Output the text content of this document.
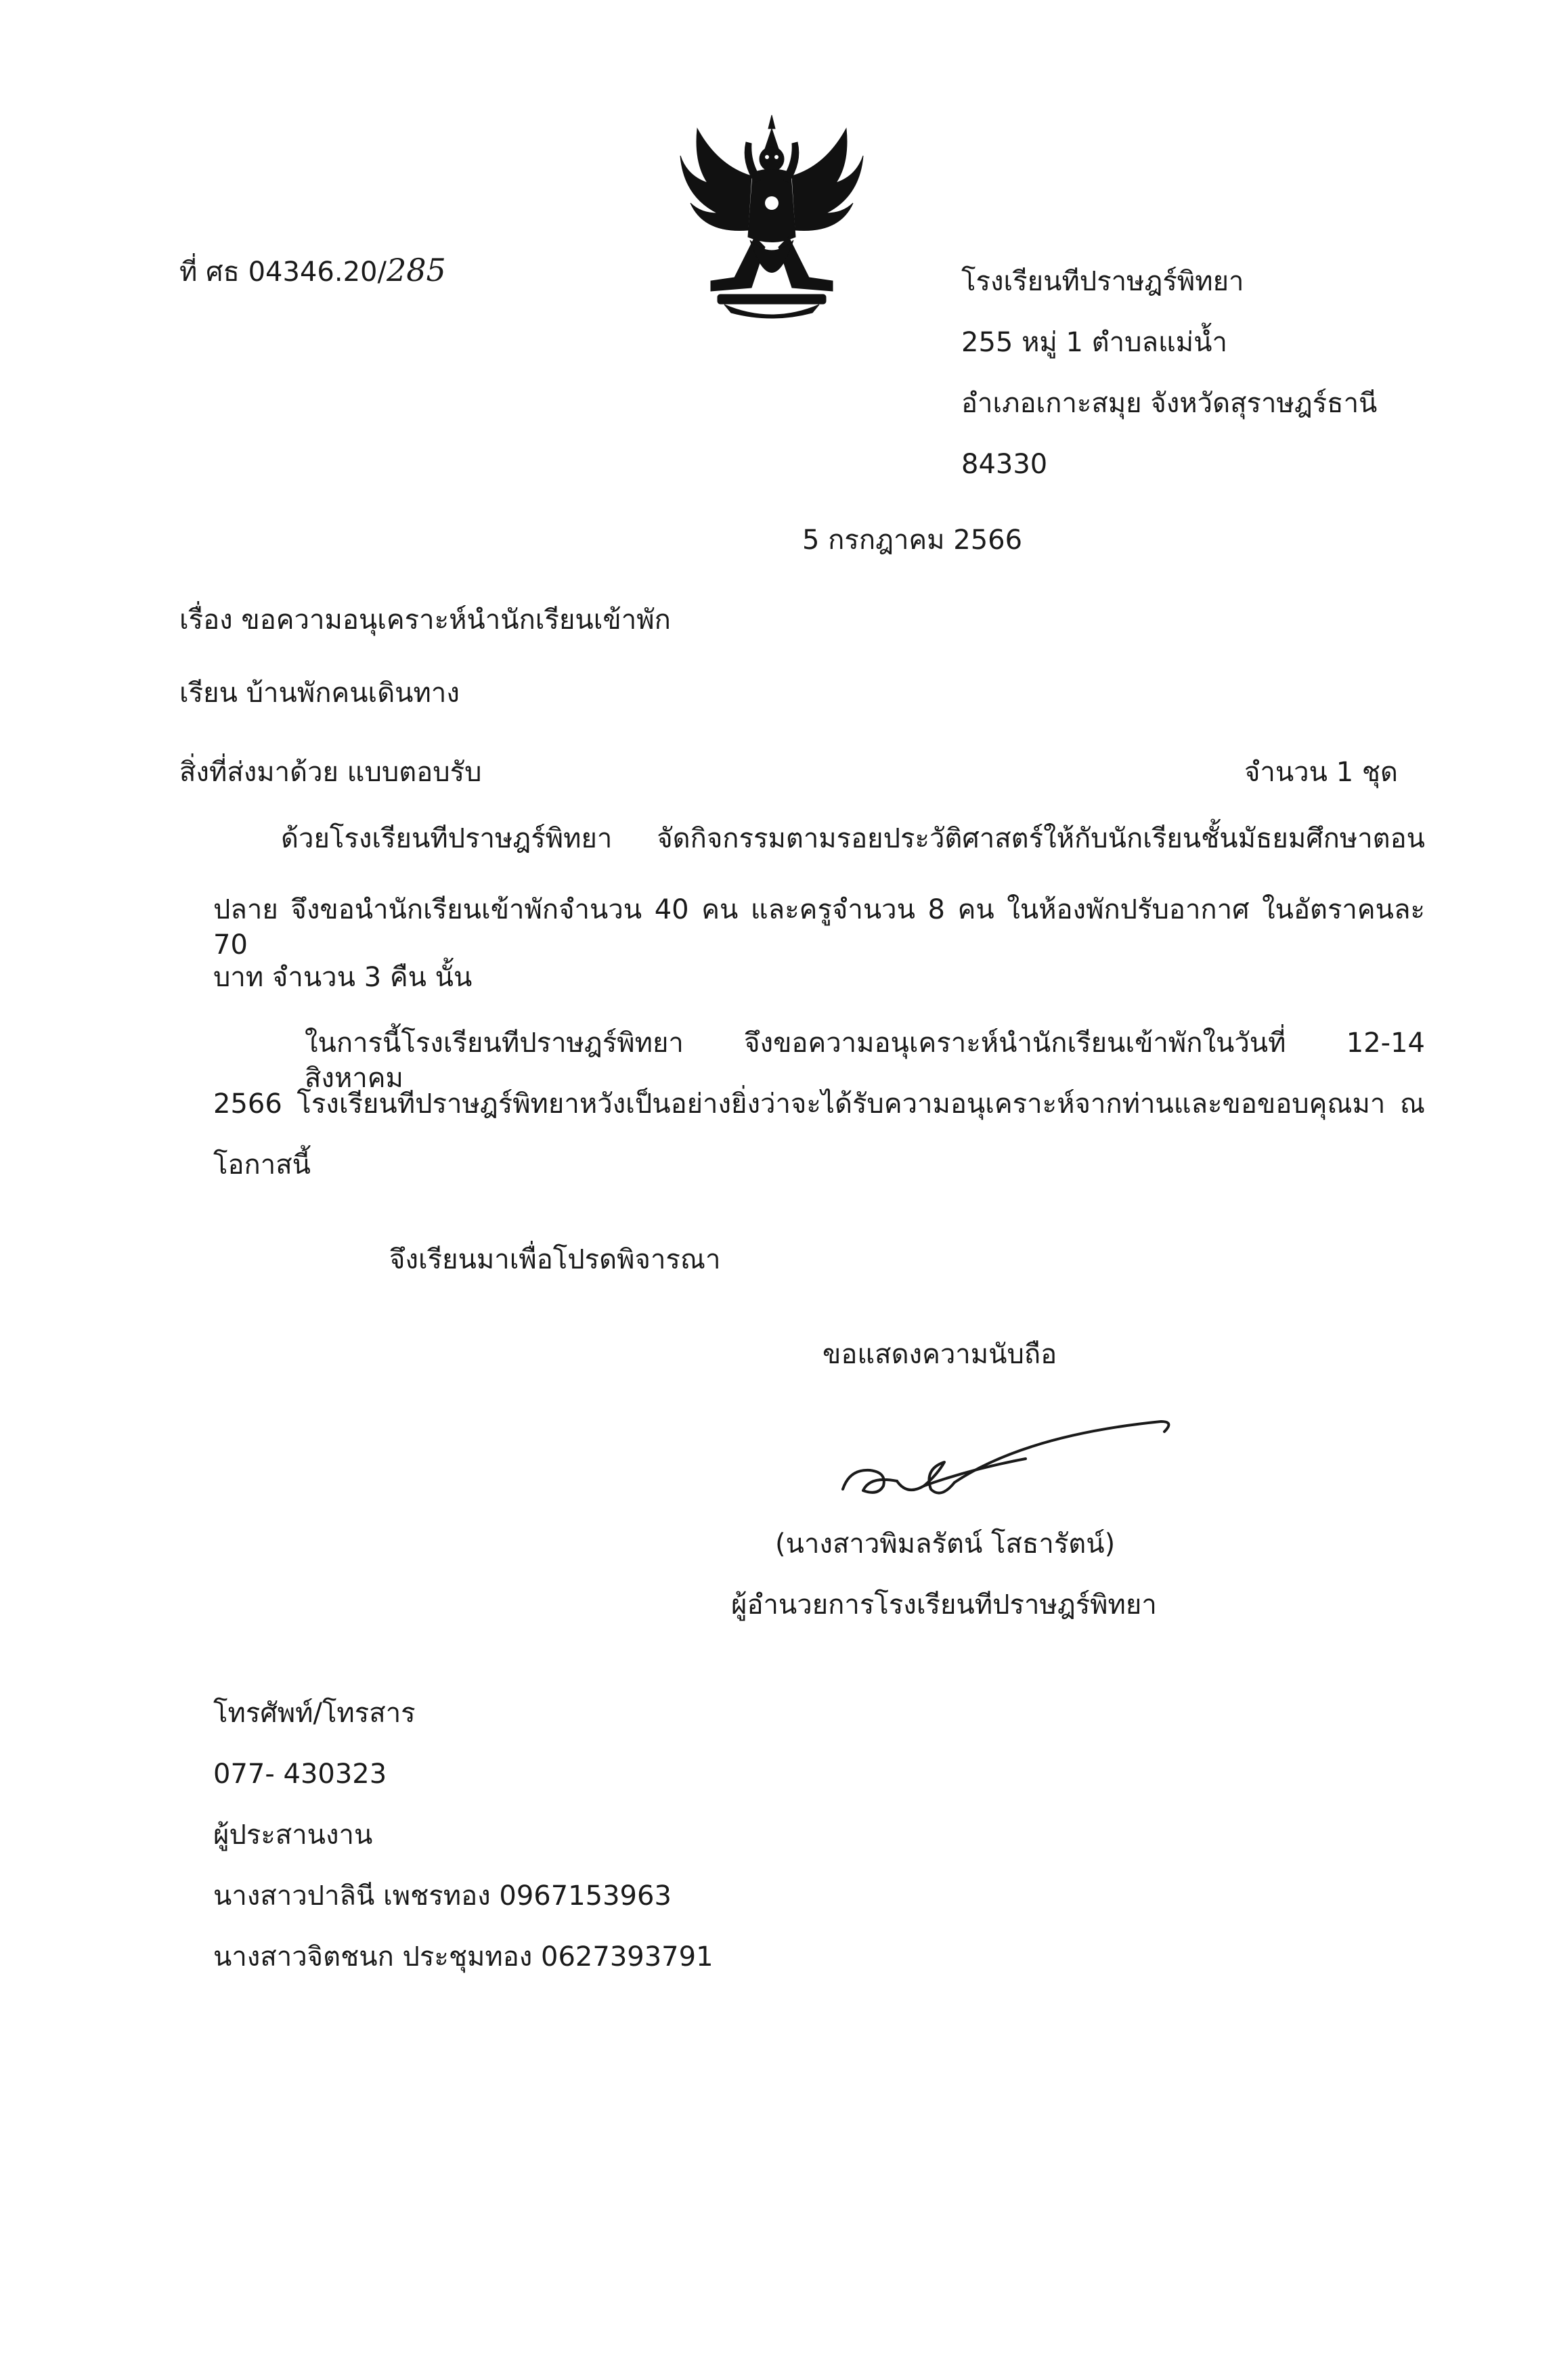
ที่ ศธ 04346.20/285	โรงเรียนทีปราษฎร์พิทยา
255 หมู่ 1 ตำบลแม่น้ำ
อำเภอเกาะสมุย จังหวัดสุราษฎร์ธานี
84330
5 กรกฎาคม 2566
เรื่อง ขอความอนุเคราะห์นำนักเรียนเข้าพัก
เรียน บ้านพักคนเดินทาง
สิ่งที่ส่งมาด้วย แบบตอบรับ	จำนวน 1 ชุด
ด้วยโรงเรียนทีปราษฎร์พิทยา จัดกิจกรรมตามรอยประวัติศาสตร์ให้กับนักเรียนชั้นมัธยมศึกษาตอน
ปลาย จึงขอนำนักเรียนเข้าพักจำนวน 40 คน และครูจำนวน 8 คน ในห้องพักปรับอากาศ ในอัตราคนละ 70
บาท จำนวน 3 คืน นั้น
ในการนี้โรงเรียนทีปราษฎร์พิทยา จึงขอความอนุเคราะห์นำนักเรียนเข้าพักในวันที่ 12-14 สิงหาคม
2566 โรงเรียนทีปราษฎร์พิทยาหวังเป็นอย่างยิ่งว่าจะได้รับความอนุเคราะห์จากท่านและขอขอบคุณมา ณ
โอกาสนี้
จึงเรียนมาเพื่อโปรดพิจารณา
ขอแสดงความนับถือ
(นางสาวพิมลรัตน์ โสธารัตน์)
ผู้อำนวยการโรงเรียนทีปราษฎร์พิทยา
โทรศัพท์/โทรสาร
077- 430323
ผู้ประสานงาน
นางสาวปาลินี เพชรทอง 0967153963
นางสาวจิตชนก ประชุมทอง 0627393791
